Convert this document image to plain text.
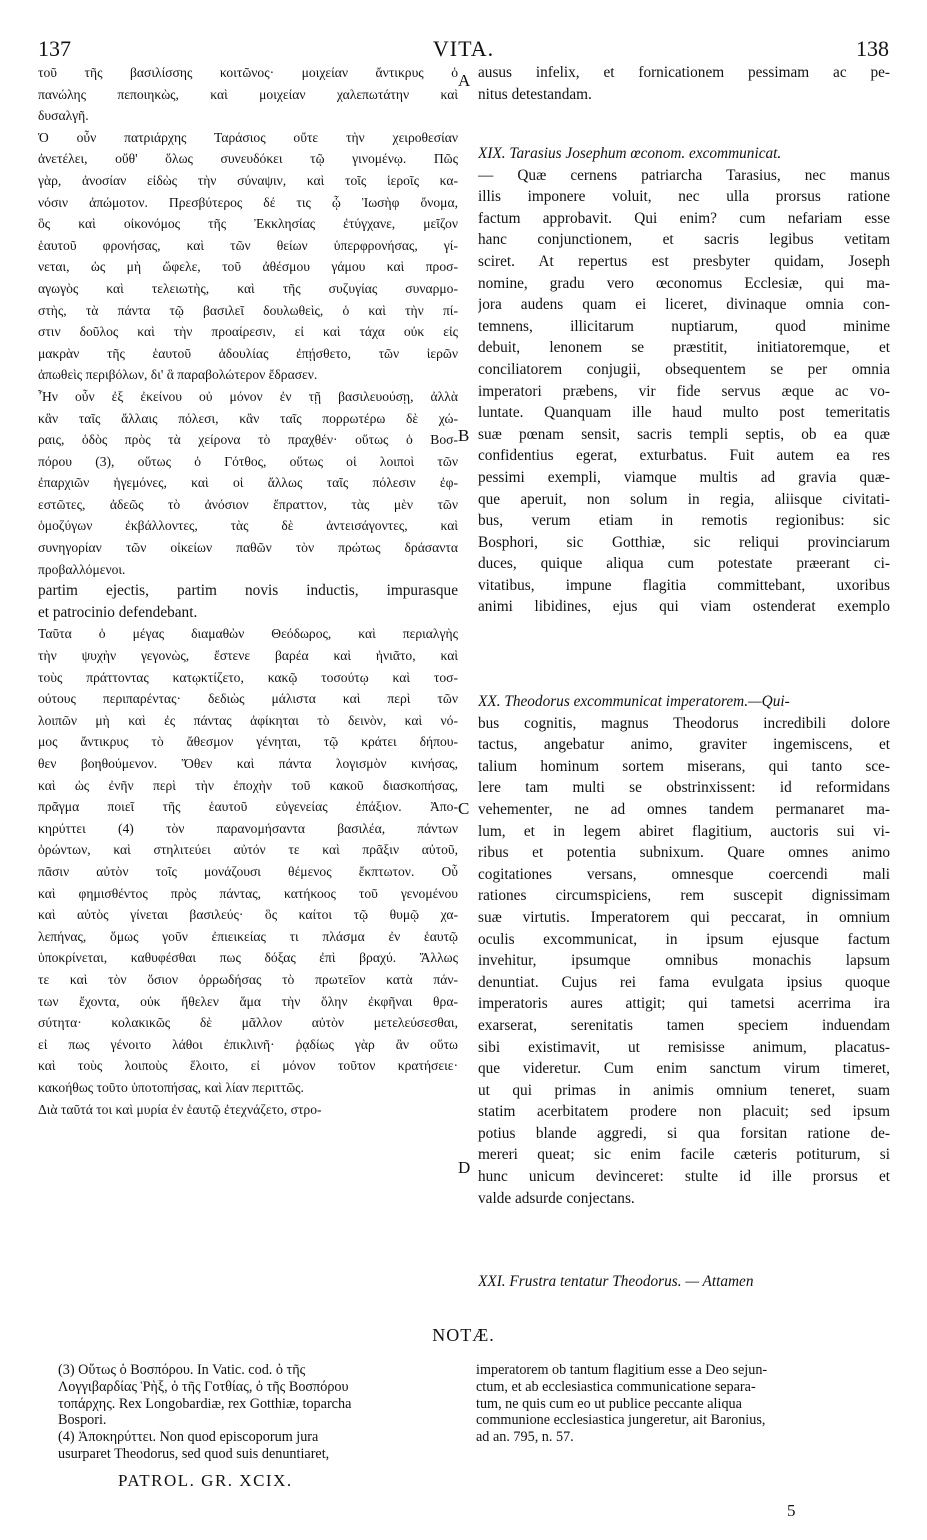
137	VITA.	138
A
B
C
D
τοῦ τῆς βασιλίσσης κοιτῶνος· μοιχείαν ἄντικρυς ὁ
πανώλης πεποιηκὼς, καὶ μοιχείαν χαλεπωτάτην καὶ
δυσαλγῆ.
Ὁ οὖν πατριάρχης Ταράσιος οὔτε τὴν χειροθεσίαν
ἀνετέλει, οὔθ' ὅλως συνευδόκει τῷ γινομένῳ. Πῶς
γὰρ, ἀνοσίαν εἰδὼς τὴν σύναψιν, καὶ τοῖς ἱεροῖς κα-
νόσιν ἀπώμοτον. Πρεσβύτερος δέ τις ᾧ Ἰωσὴφ ὄνομα,
ὃς καὶ οἰκονόμος τῆς Ἐκκλησίας ἐτύγχανε, μεῖζον
ἑαυτοῦ φρονήσας, καὶ τῶν θείων ὑπερφρονήσας, γί-
νεται, ὡς μὴ ὤφελε, τοῦ ἀθέσμου γάμου καὶ προσ-
αγωγὸς καὶ τελειωτὴς, καὶ τῆς συζυγίας συναρμο-
στὴς, τὰ πάντα τῷ βασιλεῖ δουλωθεὶς, ὁ καὶ τὴν πί-
στιν δοῦλος καὶ τὴν προαίρεσιν, εἰ καὶ τάχα οὐκ εἰς
μακρὰν τῆς ἑαυτοῦ ἀδουλίας ἐπῄσθετο, τῶν ἱερῶν
ἀπωθεὶς περιβόλων, δι' ἃ παραβολώτερον ἔδρασεν.
Ἦν οὖν ἐξ ἐκείνου οὐ μόνον ἐν τῇ βασιλευούσῃ, ἀλλὰ
κἂν ταῖς ἄλλαις πόλεσι, κἂν ταῖς πορρωτέρω δὲ χώ-
ραις, ὁδὸς πρὸς τὰ χείρονα τὸ πραχθέν· οὕτως ὁ Βοσ-
πόρου (3), οὕτως ὁ Γότθος, οὕτως οἱ λοιποὶ τῶν
ἐπαρχιῶν ἡγεμόνες, καὶ οἱ ἄλλως ταῖς πόλεσιν ἐφ-
εστῶτες, ἀδεῶς τὸ ἀνόσιον ἔπραττον, τὰς μὲν τῶν
ὁμοζύγων ἐκβάλλοντες, τὰς δὲ ἀντεισάγοντες, καὶ
συνηγορίαν τῶν οἰκείων παθῶν τὸν πρώτως δράσαντα
προβαλλόμενοι.
partim ejectis, partim novis inductis, impurasque
et patrocinio defendebant.
Ταῦτα ὁ μέγας διαμαθὼν Θεόδωρος, καὶ περιαλγὴς
τὴν ψυχὴν γεγονὼς, ἔστενε βαρέα καὶ ἠνιᾶτο, καὶ
τοὺς πράττοντας κατῳκτίζετο, κακῷ τοσούτῳ καὶ τοσ-
ούτους περιπαρέντας· δεδιὼς μάλιστα καὶ περὶ τῶν
λοιπῶν μὴ καὶ ἐς πάντας ἀφίκηται τὸ δεινὸν, καὶ νό-
μος ἄντικρυς τὸ ἄθεσμον γένηται, τῷ κράτει δήπου-
θεν βοηθούμενον. Ὅθεν καὶ πάντα λογισμὸν κινήσας,
καὶ ὡς ἐνῆν περὶ τὴν ἐποχὴν τοῦ κακοῦ διασκοπήσας,
πρᾶγμα ποιεῖ τῆς ἑαυτοῦ εὐγενείας ἐπάξιον. Ἀπο-
κηρύττει (4) τὸν παρανομήσαντα βασιλέα, πάντων
ὁρώντων, καὶ στηλιτεύει αὐτόν τε καὶ πρᾶξιν αὐτοῦ,
πᾶσιν αὐτὸν τοῖς μονάζουσι θέμενος ἔκπτωτον. Οὗ
καὶ φημισθέντος πρὸς πάντας, κατήκοος τοῦ γενομένου
καὶ αὐτὸς γίνεται βασιλεύς· ὃς καίτοι τῷ θυμῷ χα-
λεπήνας, ὅμως γοῦν ἐπιεικείας τι πλάσμα ἐν ἑαυτῷ
ὑποκρίνεται, καθυφέσθαι πως δόξας ἐπὶ βραχύ. Ἄλλως
τε καὶ τὸν ὅσιον ὀρρωδήσας τὸ πρωτεῖον κατὰ πάν-
των ἔχοντα, οὐκ ἤθελεν ἅμα τὴν ὅλην ἐκφῆναι θρα-
σύτητα· κολακικῶς δὲ μᾶλλον αὐτὸν μετελεύσεσθαι,
εἰ πως γένοιτο λάθοι ἐπικλινῆ· ῥᾳδίως γὰρ ἂν οὕτω
καὶ τοὺς λοιποὺς ἕλοιτο, εἰ μόνον τοῦτον κρατήσειε·
κακοήθως τοῦτο ὑποτοπήσας, καὶ λίαν περιττῶς.
Διὰ ταῦτά τοι καὶ μυρία ἐν ἑαυτῷ ἐτεχνάζετο, στρο-
ausus infelix, et fornicationem pessimam ac pe-
nitus detestandam.
XIX. Tarasius Josephum œconom. excommunicat.
— Quæ cernens patriarcha Tarasius, nec manus
illis imponere voluit, nec ulla prorsus ratione
factum approbavit. Qui enim? cum nefariam esse
hanc conjunctionem, et sacris legibus vetitam
sciret. At repertus est presbyter quidam, Joseph
nomine, gradu vero œconomus Ecclesiæ, qui ma-
jora audens quam ei liceret, divinaque omnia con-
temnens, illicitarum nuptiarum, quod minime
debuit, lenonem se præstitit, initiatoremque, et
conciliatorem conjugii, obsequentem se per omnia
imperatori præbens, vir fide servus æque ac vo-
luntate. Quanquam ille haud multo post temeritatis
suæ pœnam sensit, sacris templi septis, ob ea quæ
confidentius egerat, exturbatus. Fuit autem ea res
pessimi exempli, viamque multis ad gravia quæ-
que aperuit, non solum in regia, aliisque civitati-
bus, verum etiam in remotis regionibus: sic
Bosphori, sic Gotthiæ, sic reliqui provinciarum
duces, quique aliqua cum potestate præerant ci-
vitatibus, impune flagitia committebant, uxoribus
animi libidines, ejus qui viam ostenderat exemplo
XX. Theodorus excommunicat imperatorem.—Qui-
bus cognitis, magnus Theodorus incredibili dolore
tactus, angebatur animo, graviter ingemiscens, et
talium hominum sortem miserans, qui tanto sce-
lere tam multi se obstrinxissent: id reformidans
vehementer, ne ad omnes tandem permanaret ma-
lum, et in legem abiret flagitium, auctoris sui vi-
ribus et potentia subnixum. Quare omnes animo
cogitationes versans, omnesque coercendi mali
rationes circumspiciens, rem suscepit dignissimam
suæ virtutis. Imperatorem qui peccarat, in omnium
oculis excommunicat, in ipsum ejusque factum
invehitur, ipsumque omnibus monachis lapsum
denuntiat. Cujus rei fama evulgata ipsius quoque
imperatoris aures attigit; qui tametsi acerrima ira
exarserat, serenitatis tamen speciem induendam
sibi existimavit, ut remisisse animum, placatus-
que videretur. Cum enim sanctum virum timeret,
ut qui primas in animis omnium teneret, suam
statim acerbitatem prodere non placuit; sed ipsum
potius blande aggredi, si qua forsitan ratione de-
mereri queat; sic enim facile cæteris potiturum, si
hunc unicum devinceret: stulte id ille prorsus et
valde adsurde conjectans.
XXI. Frustra tentatur Theodorus. — Attamen
NOTÆ.
(3) Οὕτως ὁ Βοσπόρου. In Vatic. cod. ὁ τῆς
Λογγιβαρδίας Ῥὴξ, ὁ τῆς Γοτθίας, ὁ τῆς Βοσπόρου
τοπάρχης. Rex Longobardiæ, rex Gotthiæ, toparcha
Bospori.
(4) Ἀποκηρύττει. Non quod episcoporum jura
usurparet Theodorus, sed quod suis denuntiaret,
imperatorem ob tantum flagitium esse a Deo sejun-
ctum, et ab ecclesiastica communicatione separa-
tum, ne quis cum eo ut publice peccante aliqua
communione ecclesiastica jungeretur, ait Baronius,
ad an. 795, n. 57.
PATROL. GR. XCIX.
5
